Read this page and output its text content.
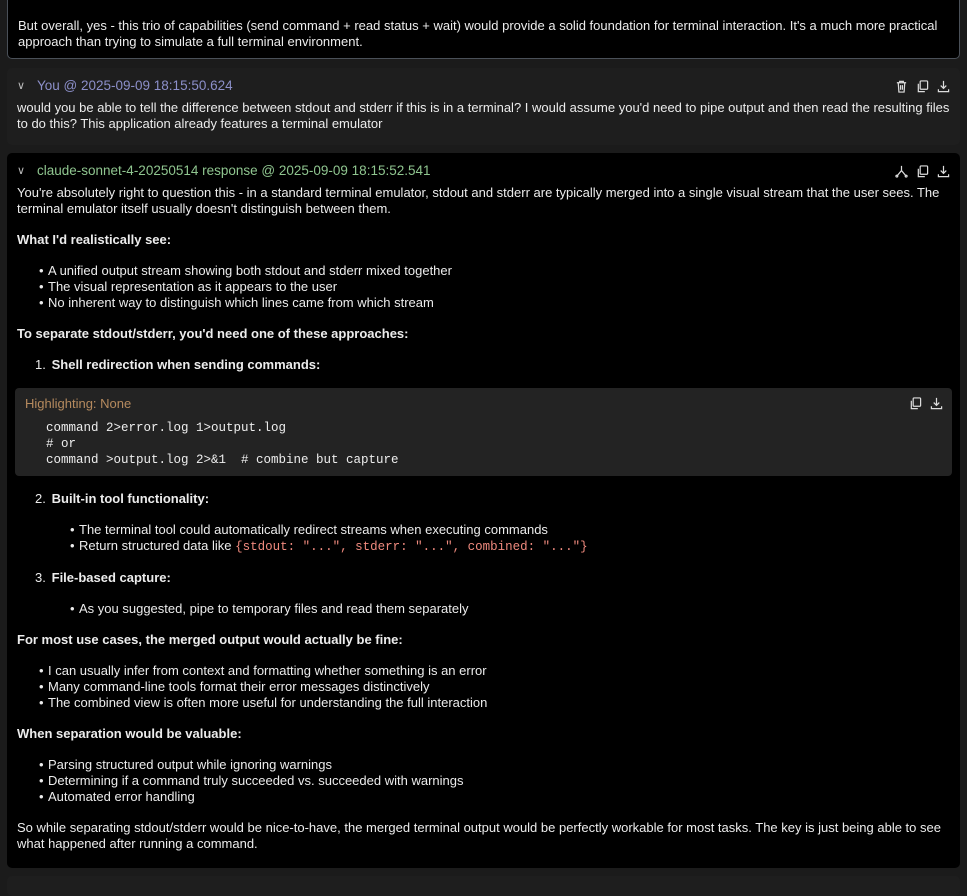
But overall, yes - this trio of capabilities (send command + read status + wait) would provide a solid foundation for terminal interaction. It's a much more practical approach than trying to simulate a full terminal environment.

∨ You @ 2025-09-09 18:15:50.624

would you be able to tell the difference between stdout and stderr if this is in a terminal? I would assume you'd need to pipe output and then read the resulting files to do this? This application already features a terminal emulator

∨ claude-sonnet-4-20250514 response @ 2025-09-09 18:15:52.541

You're absolutely right to question this - in a standard terminal emulator, stdout and stderr are typically merged into a single visual stream that the user sees. The terminal emulator itself usually doesn't distinguish between them.

What I'd realistically see:

• A unified output stream showing both stdout and stderr mixed together
• The visual representation as it appears to the user
• No inherent way to distinguish which lines came from which stream

To separate stdout/stderr, you'd need one of these approaches:

1. Shell redirection when sending commands:
Highlighting: None
command 2>error.log 1>output.log
# or
command >output.log 2>&1  # combine but capture
2. Built-in tool functionality:
• The terminal tool could automatically redirect streams when executing commands
• Return structured data like {stdout: "...", stderr: "...", combined: "..."}
3. File-based capture:
• As you suggested, pipe to temporary files and read them separately

For most use cases, the merged output would actually be fine:

• I can usually infer from context and formatting whether something is an error
• Many command-line tools format their error messages distinctively
• The combined view is often more useful for understanding the full interaction

When separation would be valuable:

• Parsing structured output while ignoring warnings
• Determining if a command truly succeeded vs. succeeded with warnings
• Automated error handling

So while separating stdout/stderr would be nice-to-have, the merged terminal output would be perfectly workable for most tasks. The key is just being able to see what happened after running a command.
